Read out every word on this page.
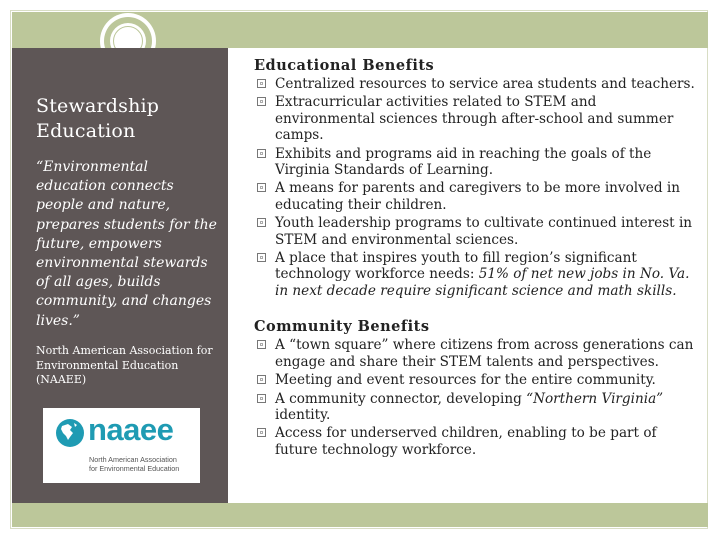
Stewardship Education
“Environmental education connects people and nature, prepares students for the future, empowers environmental stewards of all ages, builds community, and changes lives.”
North American Association for Environmental Education (NAAEE)
naaee
North American Association
for Environmental Education
Educational Benefits
Centralized resources to service area students and teachers.
Extracurricular activities related to STEM and environmental sciences through after-school and summer camps.
Exhibits and programs aid in reaching the goals of the Virginia Standards of Learning.
A means for parents and caregivers to be more involved in educating their children.
Youth leadership programs to cultivate continued interest in STEM and environmental sciences.
A place that inspires youth to fill region’s significant technology workforce needs: 51% of net new jobs in No. Va. in next decade require significant science and math skills.
Community Benefits
A “town square” where citizens from across generations can engage and share their STEM talents and perspectives.
Meeting and event resources for the entire community.
A community connector, developing “Northern Virginia” identity.
Access for underserved children, enabling to be part of future technology workforce.
